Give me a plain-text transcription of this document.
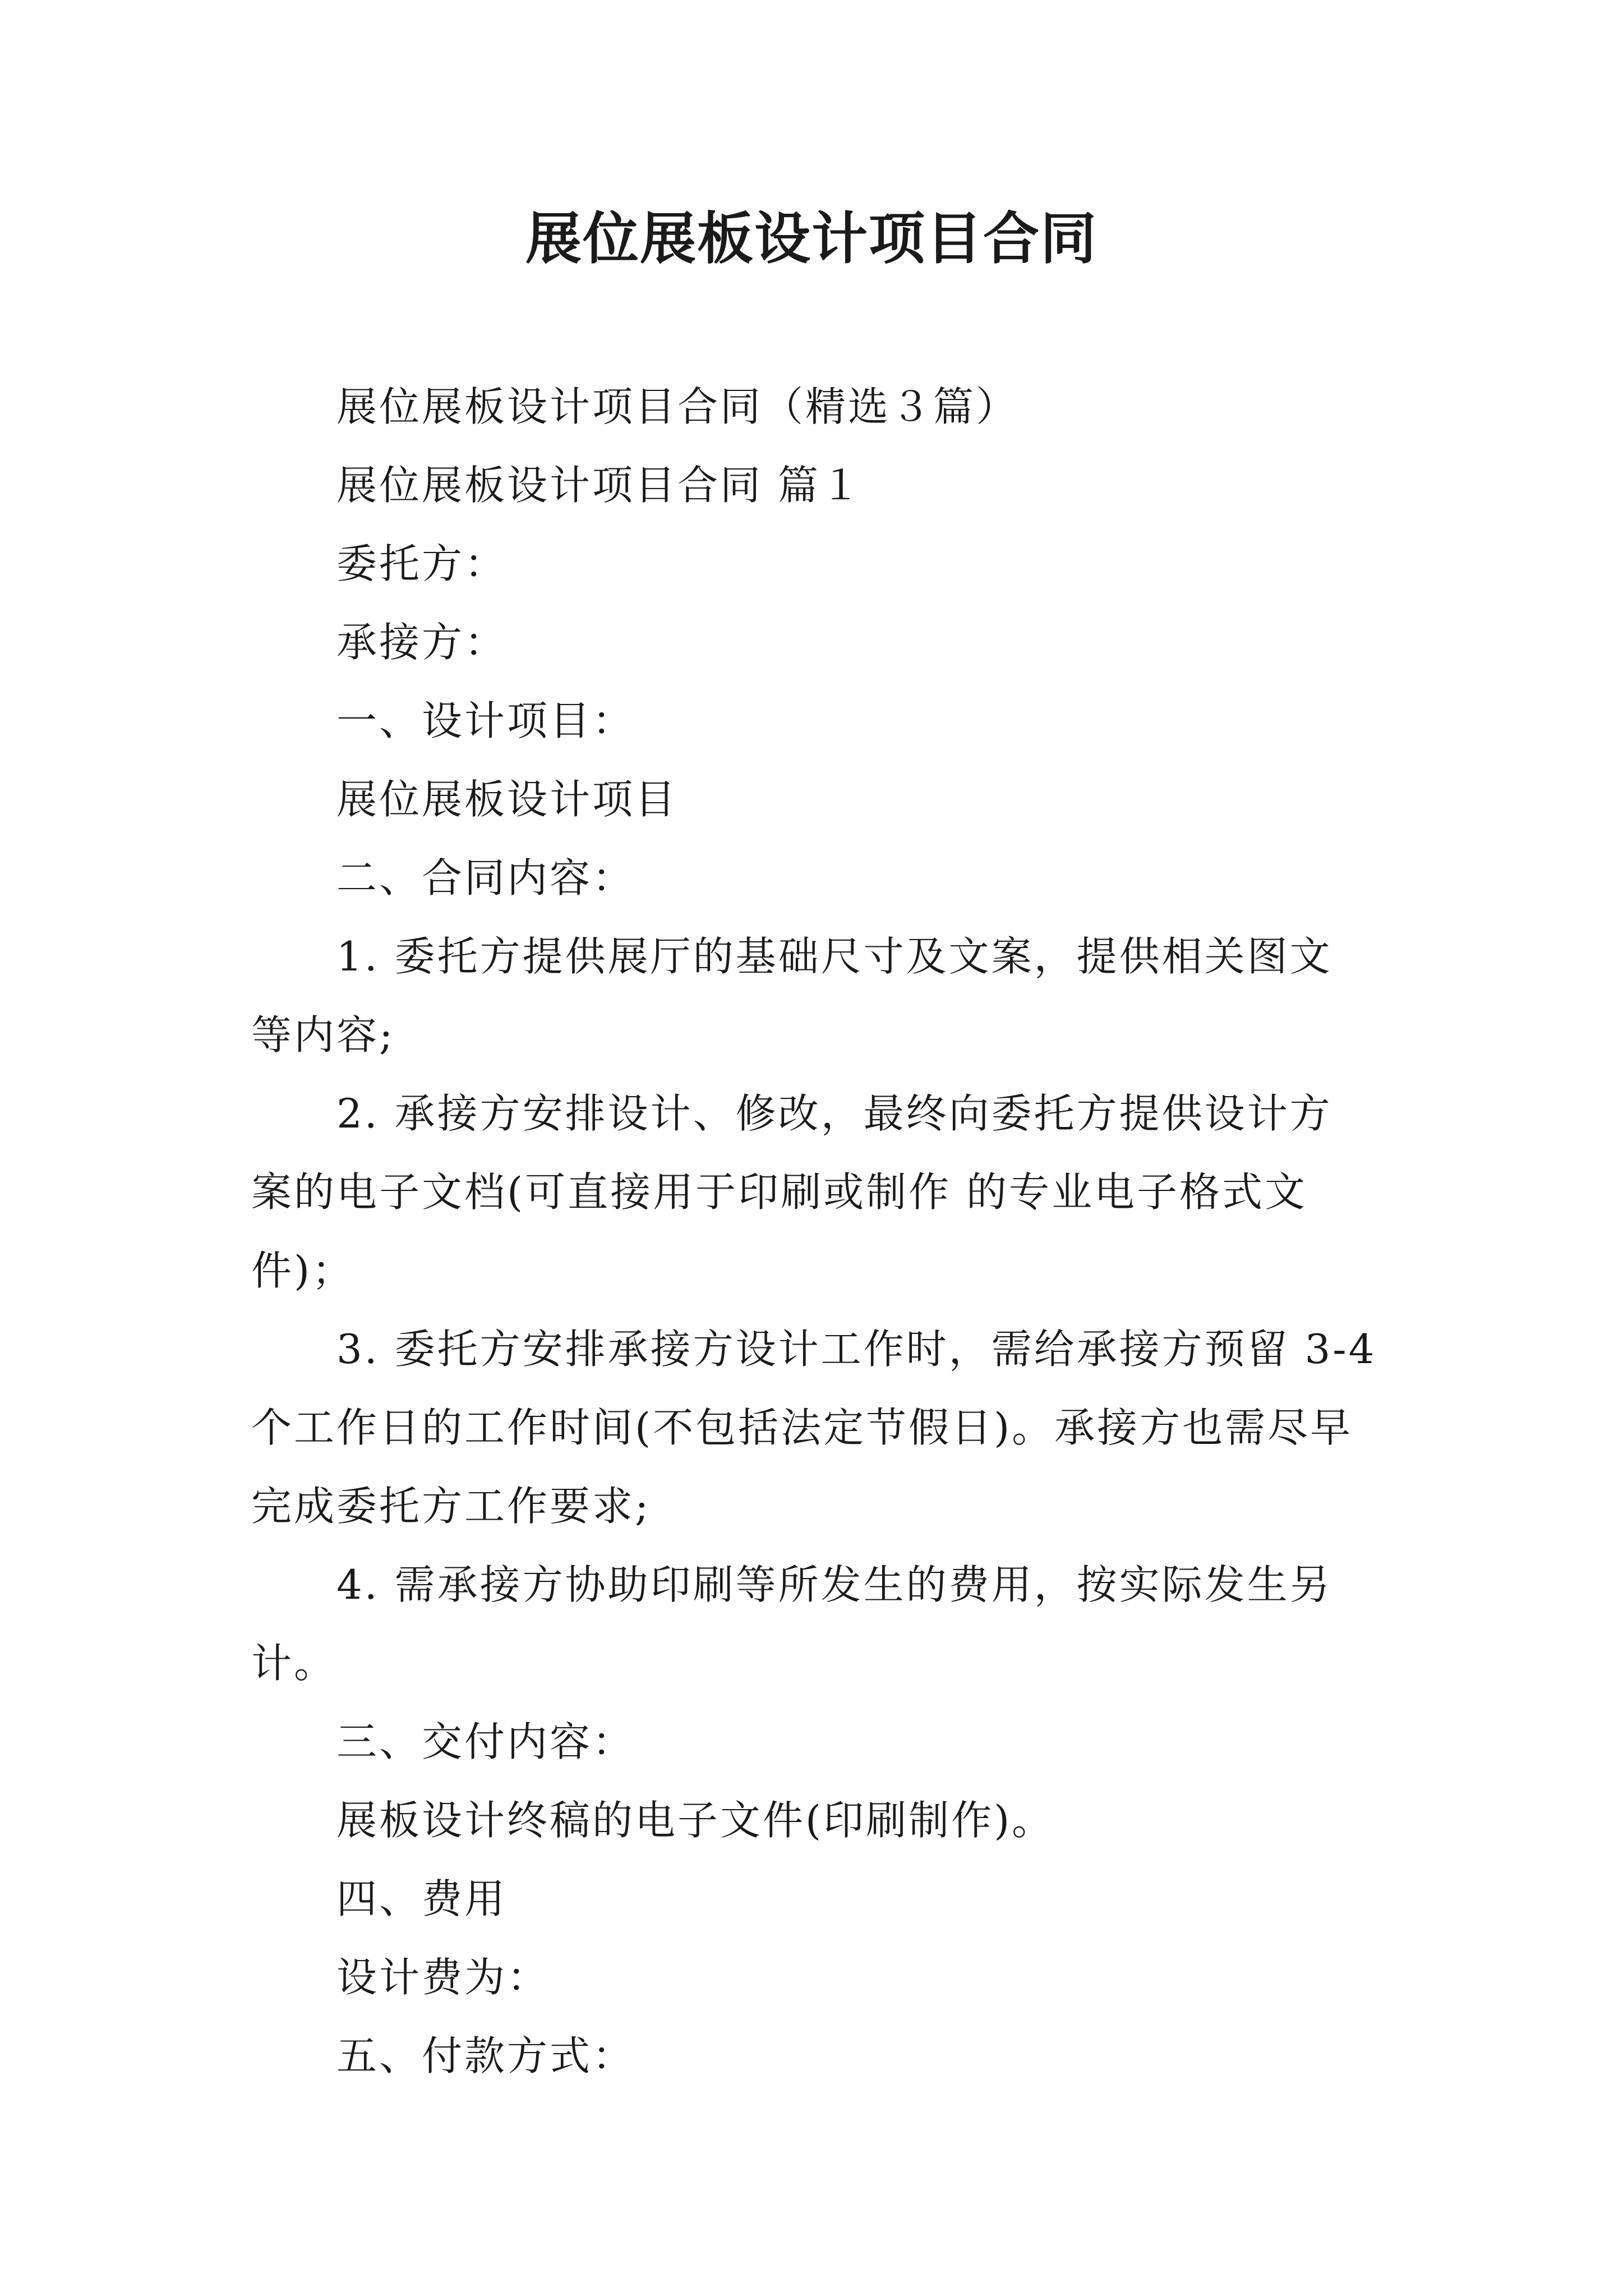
展位展板设计项目合同
展位展板设计项目合同（精选３篇）
展位展板设计项目合同 篇１
委托方：
承接方：
一、设计项目：
展位展板设计项目
二、合同内容：
1. 委托方提供展厅的基础尺寸及文案，提供相关图文
等内容;
2. 承接方安排设计、修改，最终向委托方提供设计方
案的电子文档(可直接用于印刷或制作 的专业电子格式文
件)；
3. 委托方安排承接方设计工作时，需给承接方预留 3-4
个工作日的工作时间(不包括法定节假日)。承接方也需尽早
完成委托方工作要求;
4. 需承接方协助印刷等所发生的费用，按实际发生另
计。
三、交付内容：
展板设计终稿的电子文件(印刷制作)。
四、费用
设计费为：
五、付款方式：
